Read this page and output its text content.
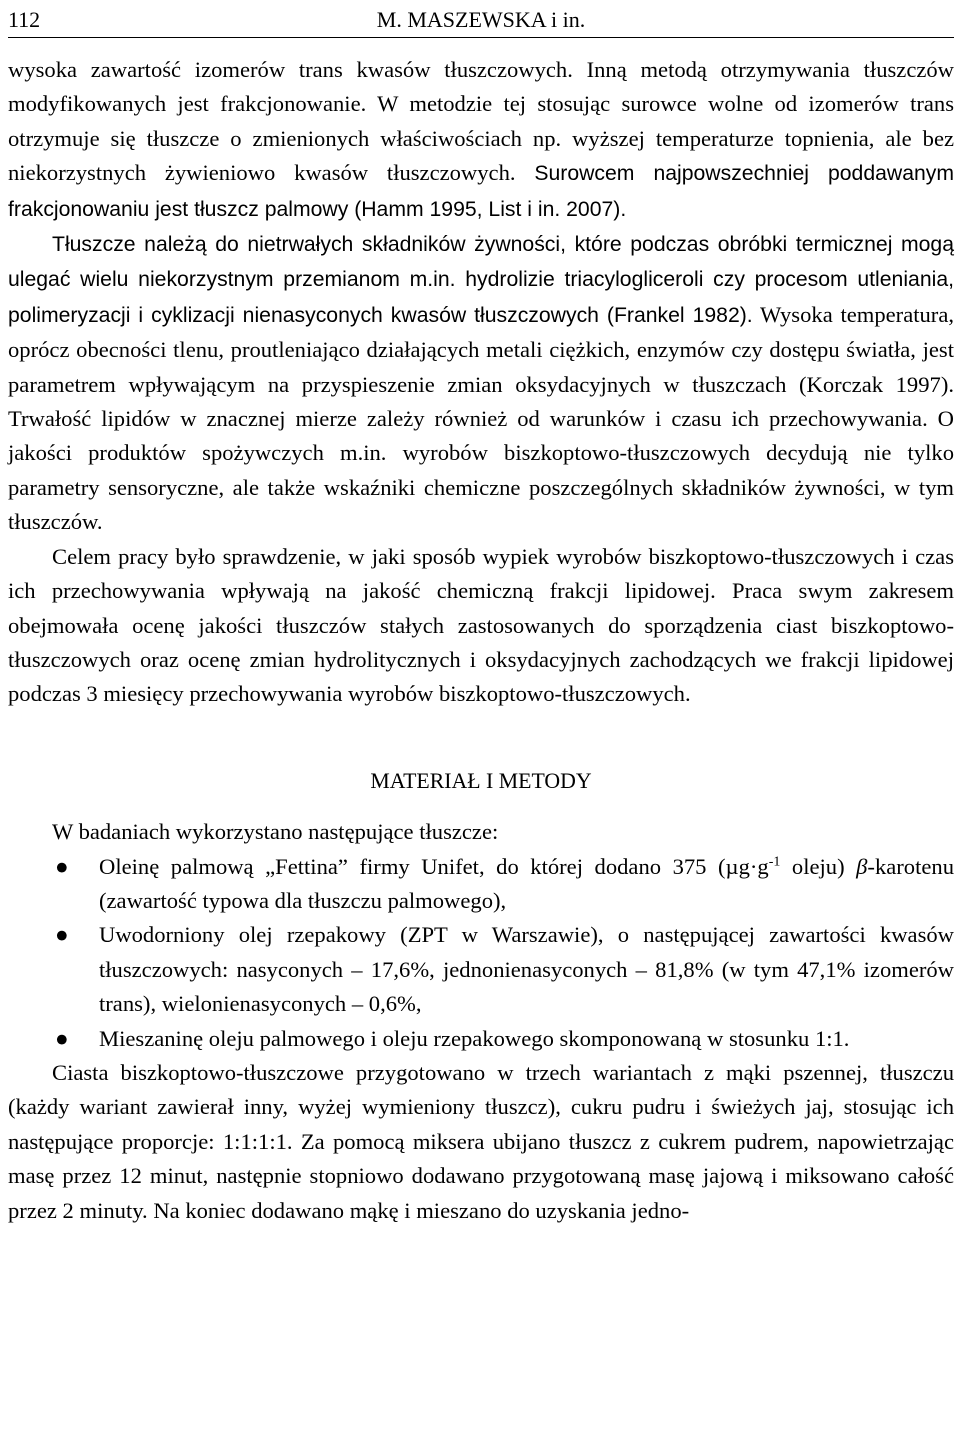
112	M. MASZEWSKA i in.

wysoka zawartość izomerów trans kwasów tłuszczowych. Inną metodą otrzymywania tłuszczów modyfikowanych jest frakcjonowanie. W metodzie tej stosując surowce wolne od izomerów trans otrzymuje się tłuszcze o zmienionych właściwościach np. wyższej temperaturze topnienia, ale bez niekorzystnych żywieniowo kwasów tłuszczowych. Surowcem najpowszechniej poddawanym frakcjonowaniu jest tłuszcz palmowy (Hamm 1995, List i in. 2007).

Tłuszcze należą do nietrwałych składników żywności, które podczas obróbki termicznej mogą ulegać wielu niekorzystnym przemianom m.in. hydrolizie triacylogliceroli czy procesom utleniania, polimeryzacji i cyklizacji nienasyconych kwasów tłuszczowych (Frankel 1982). Wysoka temperatura, oprócz obecności tlenu, proutleniająco działających metali ciężkich, enzymów czy dostępu światła, jest parametrem wpływającym na przyspieszenie zmian oksydacyjnych w tłuszczach (Korczak 1997). Trwałość lipidów w znacznej mierze zależy również od warunków i czasu ich przechowywania. O jakości produktów spożywczych m.in. wyrobów biszkoptowo-tłuszczowych decydują nie tylko parametry sensoryczne, ale także wskaźniki chemiczne poszczególnych składników żywności, w tym tłuszczów.

Celem pracy było sprawdzenie, w jaki sposób wypiek wyrobów biszkoptowo-tłuszczowych i czas ich przechowywania wpływają na jakość chemiczną frakcji lipidowej. Praca swym zakresem obejmowała ocenę jakości tłuszczów stałych zastosowanych do sporządzenia ciast biszkoptowo-tłuszczowych oraz ocenę zmian hydrolitycznych i oksydacyjnych zachodzących we frakcji lipidowej podczas 3 miesięcy przechowywania wyrobów biszkoptowo-tłuszczowych.

MATERIAŁ I METODY

W badaniach wykorzystano następujące tłuszcze:

● Oleinę palmową „Fettina” firmy Unifet, do której dodano 375 ($\mu g\cdot g^{-1}$ oleju) β-karotenu (zawartość typowa dla tłuszczu palmowego),
● Uwodorniony olej rzepakowy (ZPT w Warszawie), o następującej zawartości kwasów tłuszczowych: nasyconych – 17,6%, jednonienasyconych – 81,8% (w tym 47,1% izomerów trans), wielonienasyconych – 0,6%,
● Mieszaninę oleju palmowego i oleju rzepakowego skomponowaną w stosunku 1:1.

Ciasta biszkoptowo-tłuszczowe przygotowano w trzech wariantach z mąki pszennej, tłuszczu (każdy wariant zawierał inny, wyżej wymieniony tłuszcz), cukru pudru i świeżych jaj, stosując ich następujące proporcje: 1:1:1:1. Za pomocą miksera ubijano tłuszcz z cukrem pudrem, napowietrzając masę przez 12 minut, następnie stopniowo dodawano przygotowaną masę jajową i miksowano całość przez 2 minuty. Na koniec dodawano mąkę i mieszano do uzyskania jedno-
